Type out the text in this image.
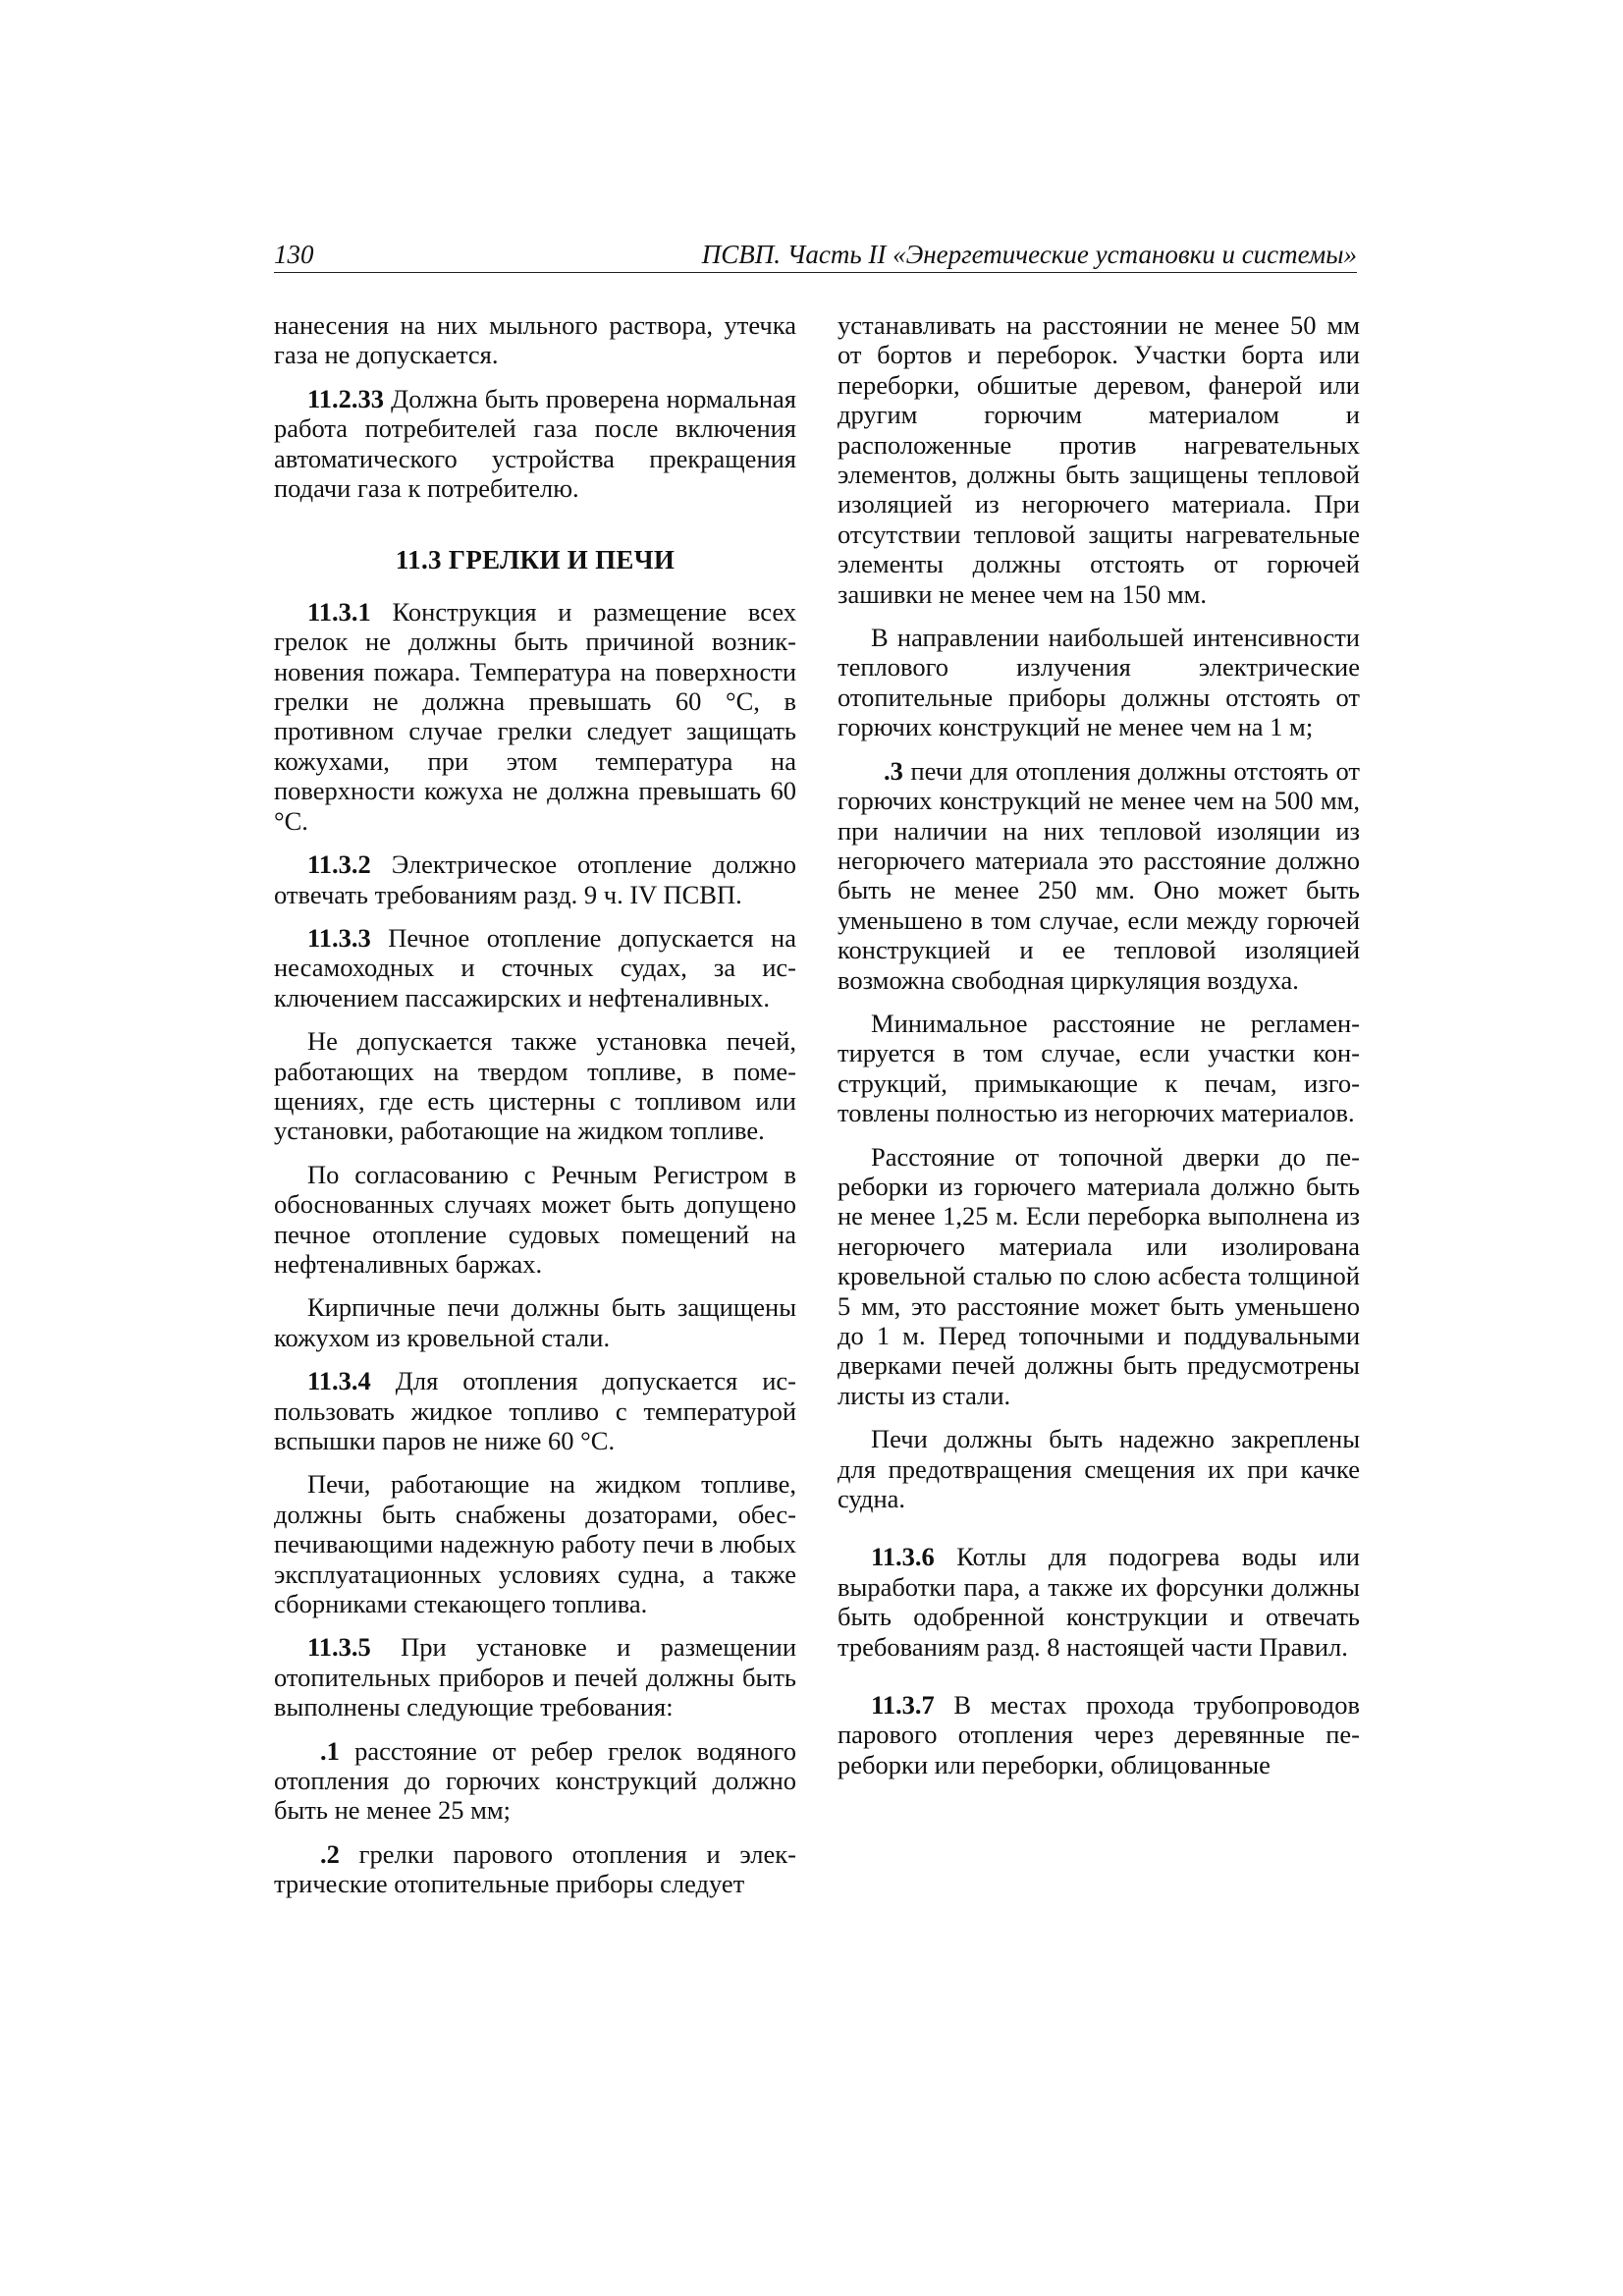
130	ПСВП. Часть II «Энергетические установки и системы»

нанесения на них мыльного раствора, утечка газа не допускается.

11.2.33 Должна быть проверена нормальная работа потребителей газа после включения автоматического устройства прекращения подачи газа к потребителю.

11.3 ГРЕЛКИ И ПЕЧИ

11.3.1 Конструкция и размещение всех грелок не должны быть причиной возникновения пожара. Температура на поверхности грелки не должна превышать 60 °С, в противном случае грелки следует защищать кожухами, при этом температура на поверхности кожуха не должна превышать 60 °С.

11.3.2 Электрическое отопление должно отвечать требованиям разд. 9 ч. IV ПСВП.

11.3.3 Печное отопление допускается на несамоходных и сточных судах, за исключением пассажирских и нефтеналивных.

Не допускается также установка печей, работающих на твердом топливе, в помещениях, где есть цистерны с топливом или установки, работающие на жидком топливе.

По согласованию с Речным Регистром в обоснованных случаях может быть допущено печное отопление судовых помещений на нефтеналивных баржах.

Кирпичные печи должны быть защищены кожухом из кровельной стали.

11.3.4 Для отопления допускается использовать жидкое топливо с температурой вспышки паров не ниже 60 °С.

Печи, работающие на жидком топливе, должны быть снабжены дозаторами, обеспечивающими надежную работу печи в любых эксплуатационных условиях судна, а также сборниками стекающего топлива.

11.3.5 При установке и размещении отопительных приборов и печей должны быть выполнены следующие требования:

.1 расстояние от ребер грелок водяного отопления до горючих конструкций должно быть не менее 25 мм;

.2 грелки парового отопления и электрические отопительные приборы следует

устанавливать на расстоянии не менее 50 мм от бортов и переборок. Участки борта или переборки, обшитые деревом, фанерой или другим горючим материалом и расположенные против нагревательных элементов, должны быть защищены тепловой изоляцией из негорючего материала. При отсутствии тепловой защиты нагревательные элементы должны отстоять от горючей зашивки не менее чем на 150 мм.

В направлении наибольшей интенсивности теплового излучения электрические отопительные приборы должны отстоять от горючих конструкций не менее чем на 1 м;

.3 печи для отопления должны отстоять от горючих конструкций не менее чем на 500 мм, при наличии на них тепловой изоляции из негорючего материала это расстояние должно быть не менее 250 мм. Оно может быть уменьшено в том случае, если между горючей конструкцией и ее тепловой изоляцией возможна свободная циркуляция воздуха.

Минимальное расстояние не регламентируется в том случае, если участки конструкций, примыкающие к печам, изготовлены полностью из негорючих материалов.

Расстояние от топочной дверки до переборки из горючего материала должно быть не менее 1,25 м. Если переборка выполнена из негорючего материала или изолирована кровельной сталью по слою асбеста толщиной 5 мм, это расстояние может быть уменьшено до 1 м. Перед топочными и поддувальными дверками печей должны быть предусмотрены листы из стали.

Печи должны быть надежно закреплены для предотвращения смещения их при качке судна.

11.3.6 Котлы для подогрева воды или выработки пара, а также их форсунки должны быть одобренной конструкции и отвечать требованиям разд. 8 настоящей части Правил.

11.3.7 В местах прохода трубопроводов парового отопления через деревянные переборки или переборки, облицованные
